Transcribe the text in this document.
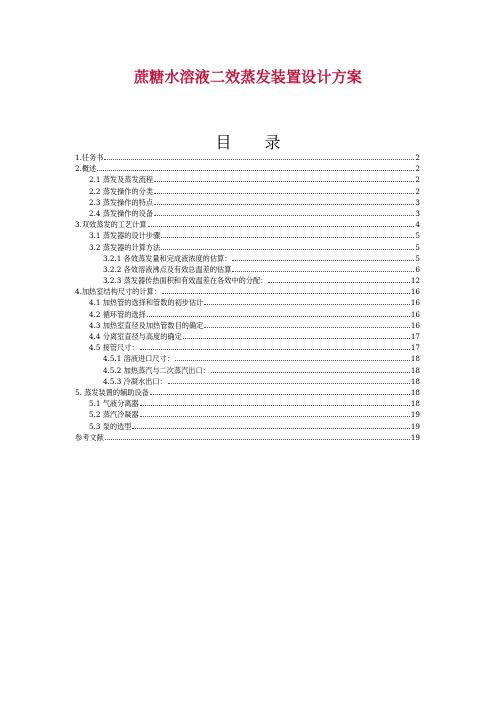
蔗糖水溶液二效蒸发装置设计方案
目 录
1.任务书	2
2.概述	2
2.1 蒸发及蒸发流程	2
2.2 蒸发操作的分类	2
2.3 蒸发操作的特点	3
2.4 蒸发操作的设备	3
3.双效蒸发的工艺计算	4
3.1 蒸发器的设计步骤	5
3.2 蒸发器的计算方法	5
3.2.1 各效蒸发量和完成液浓度的估算：	5
3.2.2 各效溶液沸点及有效总温差的估算	6
3.2.3 蒸发器传热面积和有效温差在各效中的分配：	12
4.加热室结构尺寸的计算：	16
4.1 加热管的选择和管数的初步估计	16
4.2 循环管的选择	16
4.3 加热室直径及加热管数目的确定	16
4.4 分离室直径与高度的确定	17
4.5 接管尺寸：	17
4.5.1 溶液进口尺寸：	18
4.5.2 加热蒸汽与二次蒸汽出口：	18
4.5.3 冷凝水出口：	18
5. 蒸发装置的辅助设备	18
5.1 气液分离器	18
5.2 蒸汽冷凝器	19
5.3 泵的选型	19
参考文献	19
